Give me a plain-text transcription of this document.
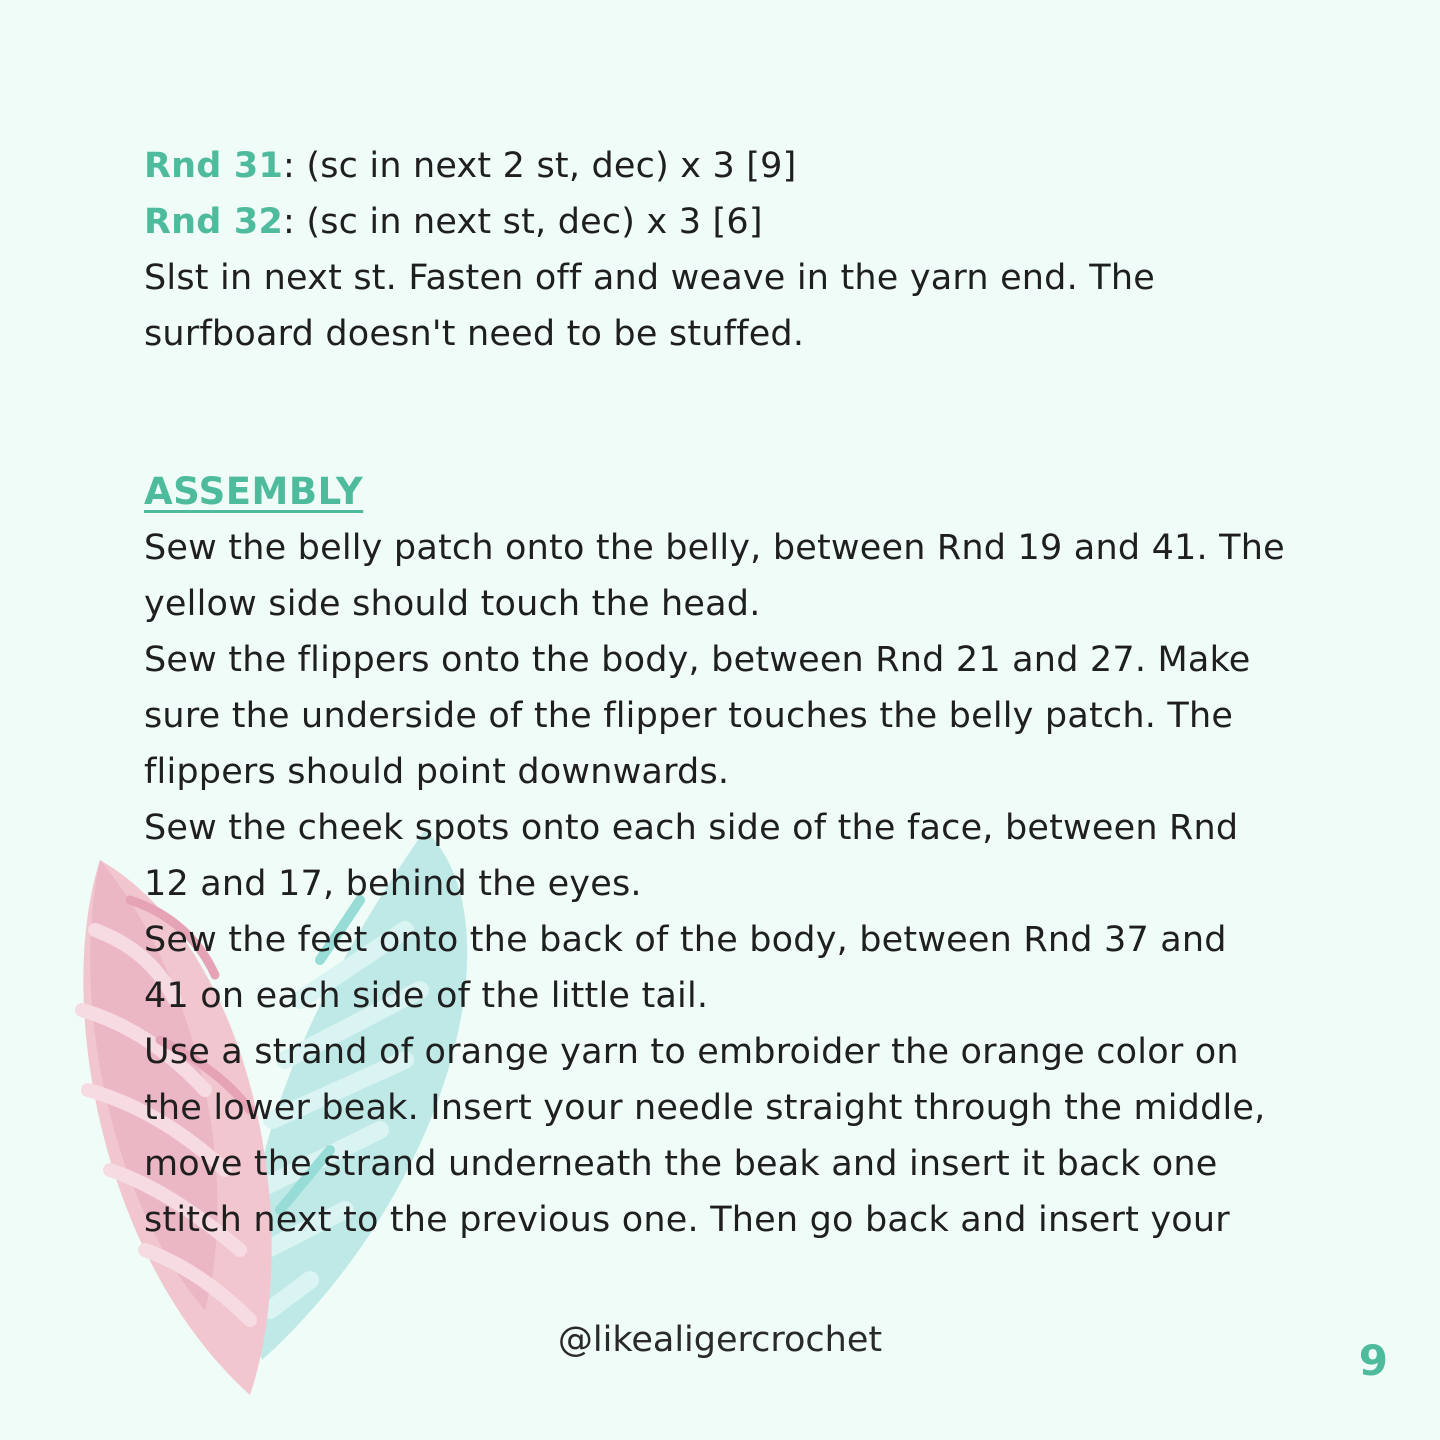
Rnd 31: (sc in next 2 st, dec) x 3 [9]
Rnd 32: (sc in next st, dec) x 3 [6]
Slst in next st. Fasten off and weave in the yarn end. The
surfboard doesn't need to be stuffed.
ASSEMBLY
Sew the belly patch onto the belly, between Rnd 19 and 41. The
yellow side should touch the head.
Sew the flippers onto the body, between Rnd 21 and 27. Make
sure the underside of the flipper touches the belly patch. The
flippers should point downwards.
Sew the cheek spots onto each side of the face, between Rnd
12 and 17, behind the eyes.
Sew the feet onto the back of the body, between Rnd 37 and
41 on each side of the little tail.
Use a strand of orange yarn to embroider the orange color on
the lower beak. Insert your needle straight through the middle,
move the strand underneath the beak and insert it back one
stitch next to the previous one. Then go back and insert your
@likealigercrochet	9
